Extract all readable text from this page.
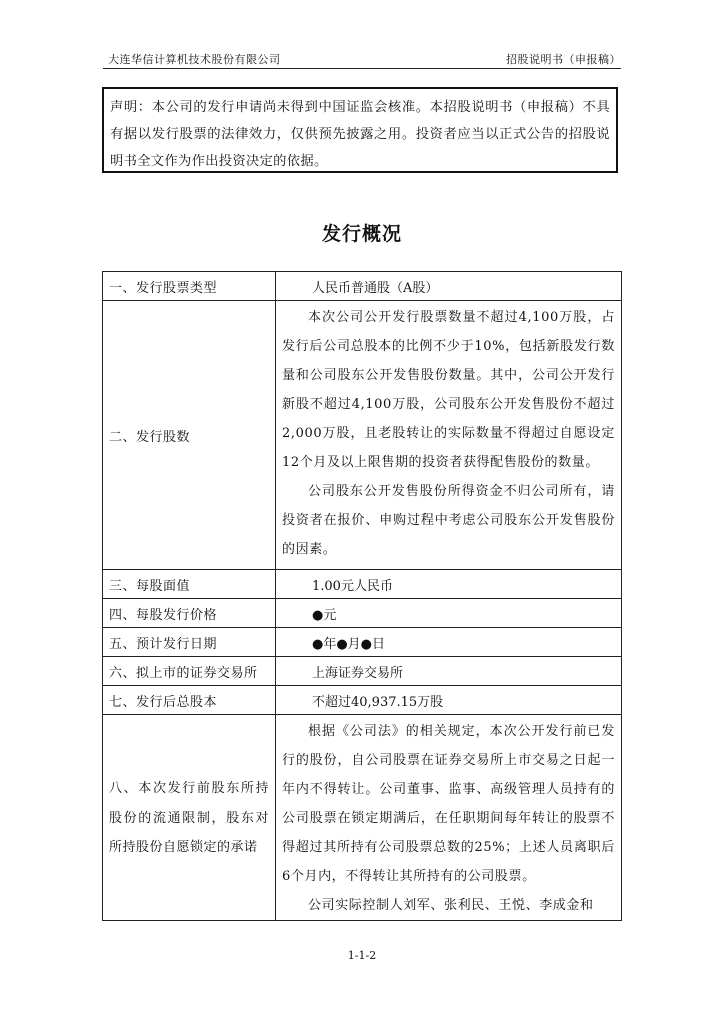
大连华信计算机技术股份有限公司	招股说明书（申报稿）
声明：本公司的发行申请尚未得到中国证监会核准。本招股说明书（申报稿）不具有据以发行股票的法律效力，仅供预先披露之用。投资者应当以正式公告的招股说明书全文作为作出投资决定的依据。
发行概况
一、发行股票类型	人民币普通股（A股）
二、发行股数	本次公司公开发行股票数量不超过4,100万股，占发行后公司总股本的比例不少于10%，包括新股发行数量和公司股东公开发售股份数量。其中，公司公开发行新股不超过4,100万股，公司股东公开发售股份不超过2,000万股，且老股转让的实际数量不得超过自愿设定12个月及以上限售期的投资者获得配售股份的数量。
公司股东公开发售股份所得资金不归公司所有，请投资者在报价、申购过程中考虑公司股东公开发售股份的因素。

三、每股面值	1.00元人民币
四、每股发行价格	●元
五、预计发行日期	●年●月●日
六、拟上市的证券交易所	上海证券交易所
七、发行后总股本	不超过40,937.15万股

八、本次发行前股东所持股份的流通限制，股东对所持股份自愿锁定的承诺	根据《公司法》的相关规定，本次公开发行前已发行的股份，自公司股票在证券交易所上市交易之日起一年内不得转让。公司董事、监事、高级管理人员持有的公司股票在锁定期满后，在任职期间每年转让的股票不得超过其所持有公司股票总数的25%；上述人员离职后6个月内，不得转让其所持有的公司股票。
公司实际控制人刘军、张利民、王悦、李成金和
1-1-2
